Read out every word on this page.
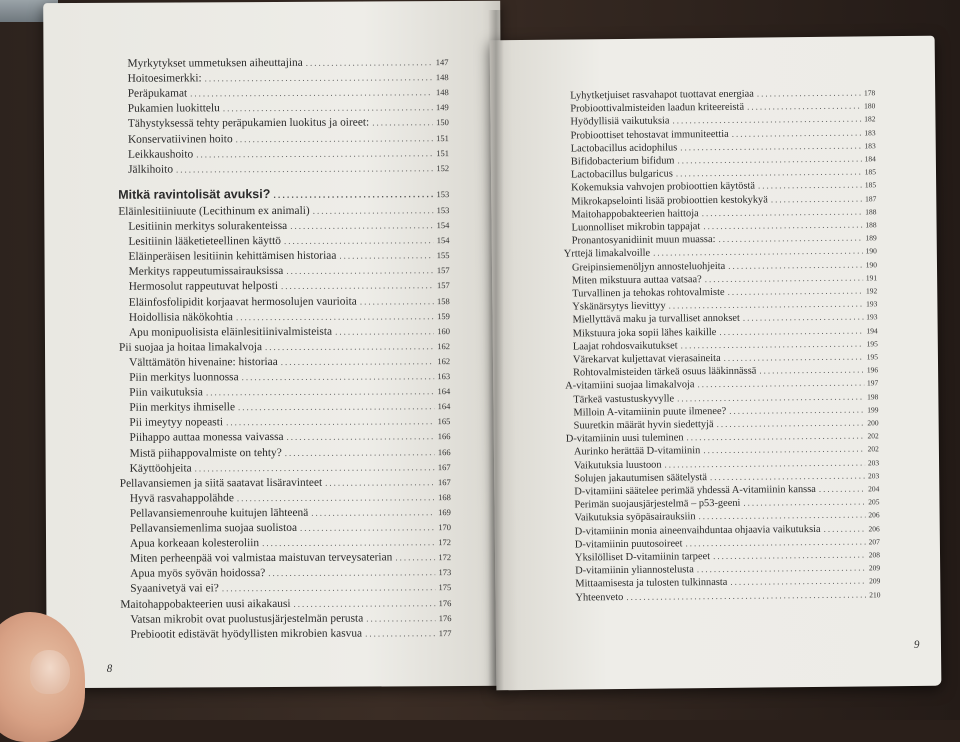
Myrkytykset ummetuksen aiheuttajina .....	147
Hoitoesimerkki: .....	148
Peräpukamat .....	148
Pukamien luokittelu .....	149
Tähystyksessä tehty peräpukamien luokitus ja oireet: .....	150
Konservatiivinen hoito .....	151
Leikkaushoito .....	151
Jälkihoito .....	152
Mitkä ravintolisät avuksi? .....	153
Eläinlesitiiniuute (Lecithinum ex animali) .....	153
Lesitiinin merkitys solurakenteissa .....	154
Lesitiinin lääketieteellinen käyttö .....	154
Eläinperäisen lesitiinin kehittämisen historiaa .....	155
Merkitys rappeutumissairauksissa .....	157
Hermosolut rappeutuvat helposti .....	157
Eläinfosfolipidit korjaavat hermosolujen vaurioita .....	158
Hoidollisia näkökohtia .....	159
Apu monipuolisista eläinlesitiinivalmisteista .....	160
Pii suojaa ja hoitaa limakalvoja .....	162
Välttämätön hivenaine: historiaa .....	162
Piin merkitys luonnossa .....	163
Piin vaikutuksia .....	164
Piin merkitys ihmiselle .....	164
Pii imeytyy nopeasti .....	165
Piihappo auttaa monessa vaivassa .....	166
Mistä piihappovalmiste on tehty? .....	166
Käyttöohjeita .....	167
Pellavansiemen ja siitä saatavat lisäravinteet .....	167
Hyvä rasvahappolähde .....	168
Pellavansiemenrouhe kuitujen lähteenä .....	169
Pellavansiemenlima suojaa suolistoa .....	170
Apua korkeaan kolesteroliin .....	172
Miten perheenpää voi valmistaa maistuvan terveysaterian .....	172
Apua myös syövän hoidossa? .....	173
Syaanivetyä vai ei? .....	175
Maitohappobakteerien uusi aikakausi .....	176
Vatsan mikrobit ovat puolustusjärjestelmän perusta .....	176
Prebiootit edistävät hyödyllisten mikrobien kasvua .....	177
8
Lyhytketjuiset rasvahapot tuottavat energiaa .....	178
Probioottivalmisteiden laadun kriteereistä .....	180
Hyödyllisiä vaikutuksia .....	182
Probioottiset tehostavat immuniteettia .....	183
Lactobacillus acidophilus .....	183
Bifidobacterium bifidum .....	184
Lactobacillus bulgaricus .....	185
Kokemuksia vahvojen probioottien käytöstä .....	185
Mikrokapselointi lisää probioottien kestokykyä .....	187
Maitohappobakteerien haittoja .....	188
Luonnolliset mikrobin tappajat .....	188
Pronantosyanidiinit muun muassa: .....	189
Yrttejä limakalvoille .....	190
Greipinsiemenöljyn annosteluohjeita .....	190
Miten mikstuura auttaa vatsaa? .....	191
Turvallinen ja tehokas rohtovalmiste .....	192
Yskänärsytys lievittyy .....	193
Miellyttävä maku ja turvalliset annokset .....	193
Mikstuura joka sopii lähes kaikille .....	194
Laajat rohdosvaikutukset .....	195
Värekarvat kuljettavat vierasaineita .....	195
Rohtovalmisteiden tärkeä osuus lääkinnässä .....	196
A-vitamiini suojaa limakalvoja .....	197
Tärkeä vastustuskyvylle .....	198
Milloin A-vitamiinin puute ilmenee? .....	199
Suuretkin määrät hyvin siedettyjä .....	200
D-vitamiinin uusi tuleminen .....	202
Aurinko herättää D-vitamiinin .....	202
Vaikutuksia luustoon .....	203
Solujen jakautumisen säätelystä .....	203
D-vitamiini säätelee perimää yhdessä A-vitamiinin kanssa .....	204
Perimän suojausjärjestelmä – p53-geeni .....	205
Vaikutuksia syöpäsairauksiin .....	206
D-vitamiinin monia aineenvaihduntaa ohjaavia vaikutuksia .....	206
D-vitamiinin puutosoireet .....	207
Yksilölliset D-vitamiinin tarpeet .....	208
D-vitamiinin yliannostelusta .....	209
Mittaamisesta ja tulosten tulkinnasta .....	209
Yhteenveto .....	210
9
